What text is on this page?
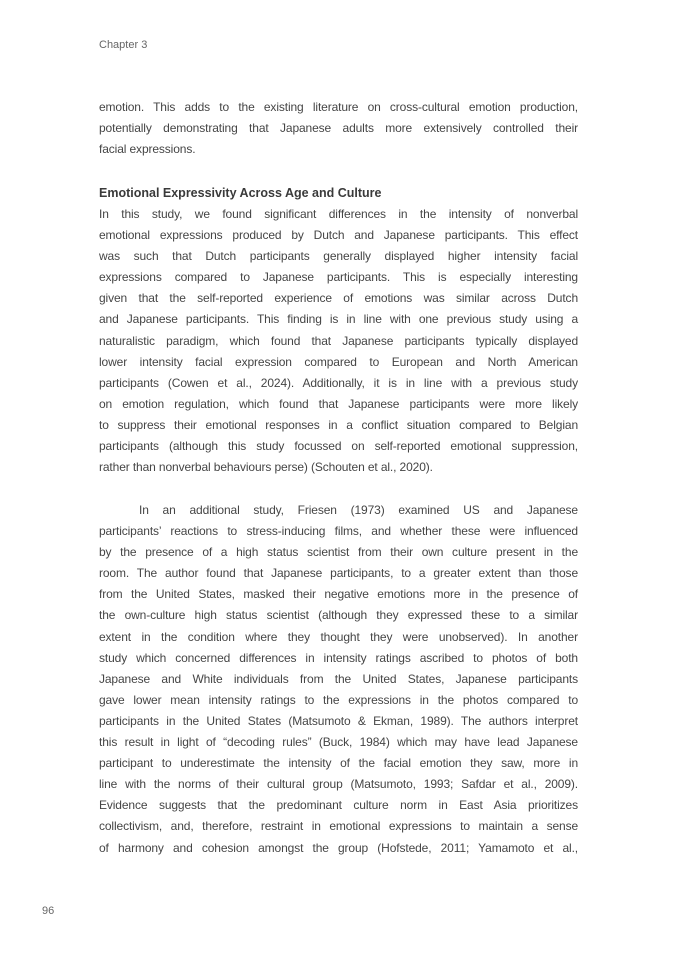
Chapter 3
emotion. This adds to the existing literature on cross-cultural emotion production,
potentially demonstrating that Japanese adults more extensively controlled their
facial expressions.
Emotional Expressivity Across Age and Culture
In this study, we found significant differences in the intensity of nonverbal
emotional expressions produced by Dutch and Japanese participants. This effect
was such that Dutch participants generally displayed higher intensity facial
expressions compared to Japanese participants. This is especially interesting
given that the self-reported experience of emotions was similar across Dutch
and Japanese participants. This finding is in line with one previous study using a
naturalistic paradigm, which found that Japanese participants typically displayed
lower intensity facial expression compared to European and North American
participants (Cowen et al., 2024). Additionally, it is in line with a previous study
on emotion regulation, which found that Japanese participants were more likely
to suppress their emotional responses in a conflict situation compared to Belgian
participants (although this study focussed on self-reported emotional suppression,
rather than nonverbal behaviours perse) (Schouten et al., 2020).
In an additional study, Friesen (1973) examined US and Japanese
participants’ reactions to stress-inducing films, and whether these were influenced
by the presence of a high status scientist from their own culture present in the
room. The author found that Japanese participants, to a greater extent than those
from the United States, masked their negative emotions more in the presence of
the own-culture high status scientist (although they expressed these to a similar
extent in the condition where they thought they were unobserved). In another
study which concerned differences in intensity ratings ascribed to photos of both
Japanese and White individuals from the United States, Japanese participants
gave lower mean intensity ratings to the expressions in the photos compared to
participants in the United States (Matsumoto & Ekman, 1989). The authors interpret
this result in light of “decoding rules” (Buck, 1984) which may have lead Japanese
participant to underestimate the intensity of the facial emotion they saw, more in
line with the norms of their cultural group (Matsumoto, 1993; Safdar et al., 2009).
Evidence suggests that the predominant culture norm in East Asia prioritizes
collectivism, and, therefore, restraint in emotional expressions to maintain a sense
of harmony and cohesion amongst the group (Hofstede, 2011; Yamamoto et al.,
96
